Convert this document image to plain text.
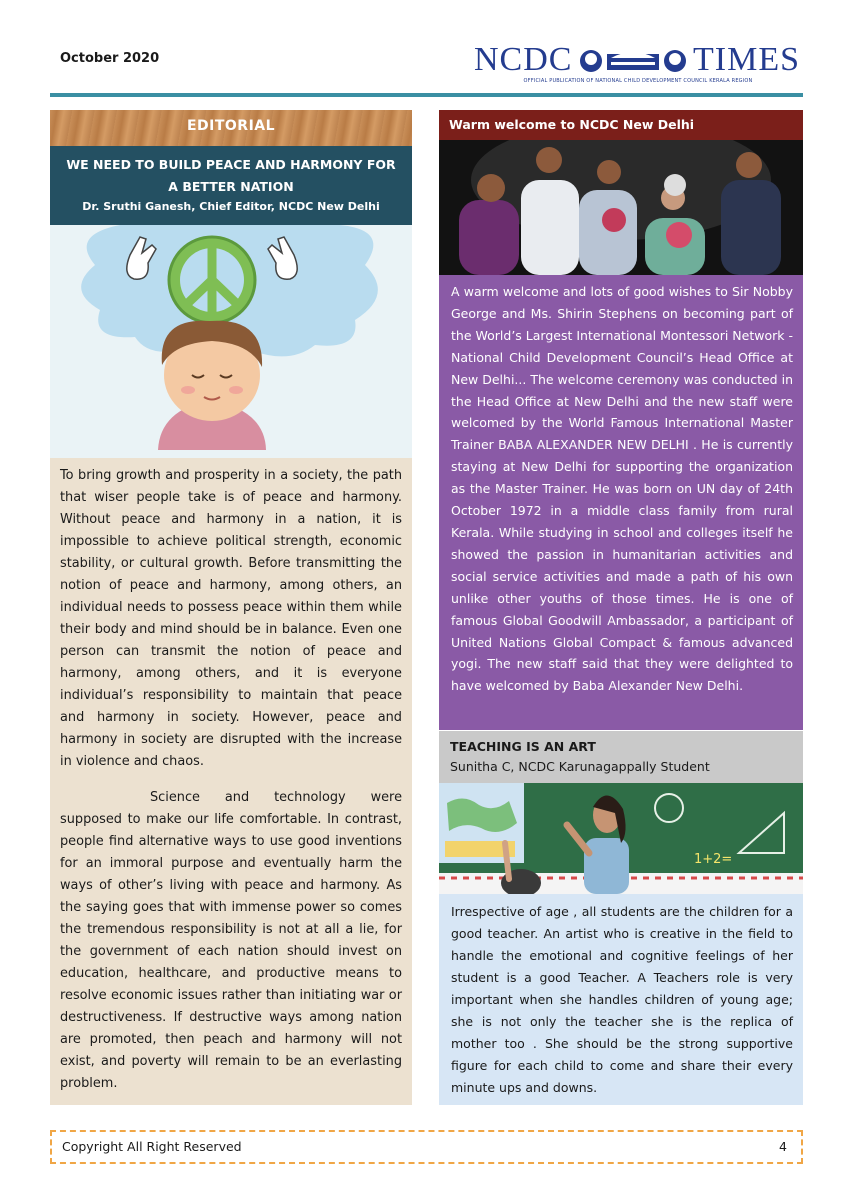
October 2020	NCDC	TIMES
OFFICIAL PUBLICATION OF NATIONAL CHILD DEVELOPMENT COUNCIL KERALA REGION
EDITORIAL
WE NEED TO BUILD PEACE AND HARMONY FOR A BETTER NATION
Dr. Sruthi Ganesh, Chief Editor, NCDC New Delhi

To bring growth and prosperity in a society, the path that wiser people take is of peace and harmony. Without peace and harmony in a nation, it is impossible to achieve political strength, economic stability, or cultural growth. Before transmitting the notion of peace and harmony, among others, an individual needs to possess peace within them while their body and mind should be in balance. Even one person can transmit the notion of peace and harmony, among others, and it is everyone individual’s responsibility to maintain that peace and harmony in society. However, peace and harmony in society are disrupted with the increase in violence and chaos.

Science and technology were supposed to make our life comfortable. In contrast, people find alternative ways to use good inventions for an immoral purpose and eventually harm the ways of other’s living with peace and harmony. As the saying goes that with immense power so comes the tremendous responsibility is not at all a lie, for the government of each nation should invest on education, healthcare, and productive means to resolve economic issues rather than initiating war or destructiveness. If destructive ways among nation are promoted, then peach and harmony will not exist, and poverty will remain to be an everlasting problem.

Warm welcome to NCDC New Delhi
A warm welcome and lots of good wishes to Sir Nobby George and Ms. Shirin Stephens on becoming part of the World’s Largest International Montessori Network - National Child Development Council’s Head Office at New Delhi... The welcome ceremony was conducted in the Head Office at New Delhi and the new staff were welcomed by the World Famous International Master Trainer BABA ALEXANDER NEW DELHI . He is currently staying at New Delhi for supporting the organization as the Master Trainer. He was born on UN day of 24th October 1972 in a middle class family from rural Kerala. While studying in school and colleges itself he showed the passion in humanitarian activities and social service activities and made a path of his own unlike other youths of those times. He is one of famous Global Goodwill Ambassador, a participant of United Nations Global Compact & famous advanced yogi. The new staff said that they were delighted to have welcomed by Baba Alexander New Delhi.
TEACHING IS AN ART
Sunitha C, NCDC Karunagappally Student
1+2=
Irrespective of age , all students are the children for a good teacher. An artist who is creative in the field to handle the emotional and cognitive feelings of her student is a good Teacher. A Teachers role is very important when she handles children of young age; she is not only the teacher she is the replica of mother too . She should be the strong supportive figure for each child to come and share their every minute ups and downs.
Copyright All Right Reserved	4
